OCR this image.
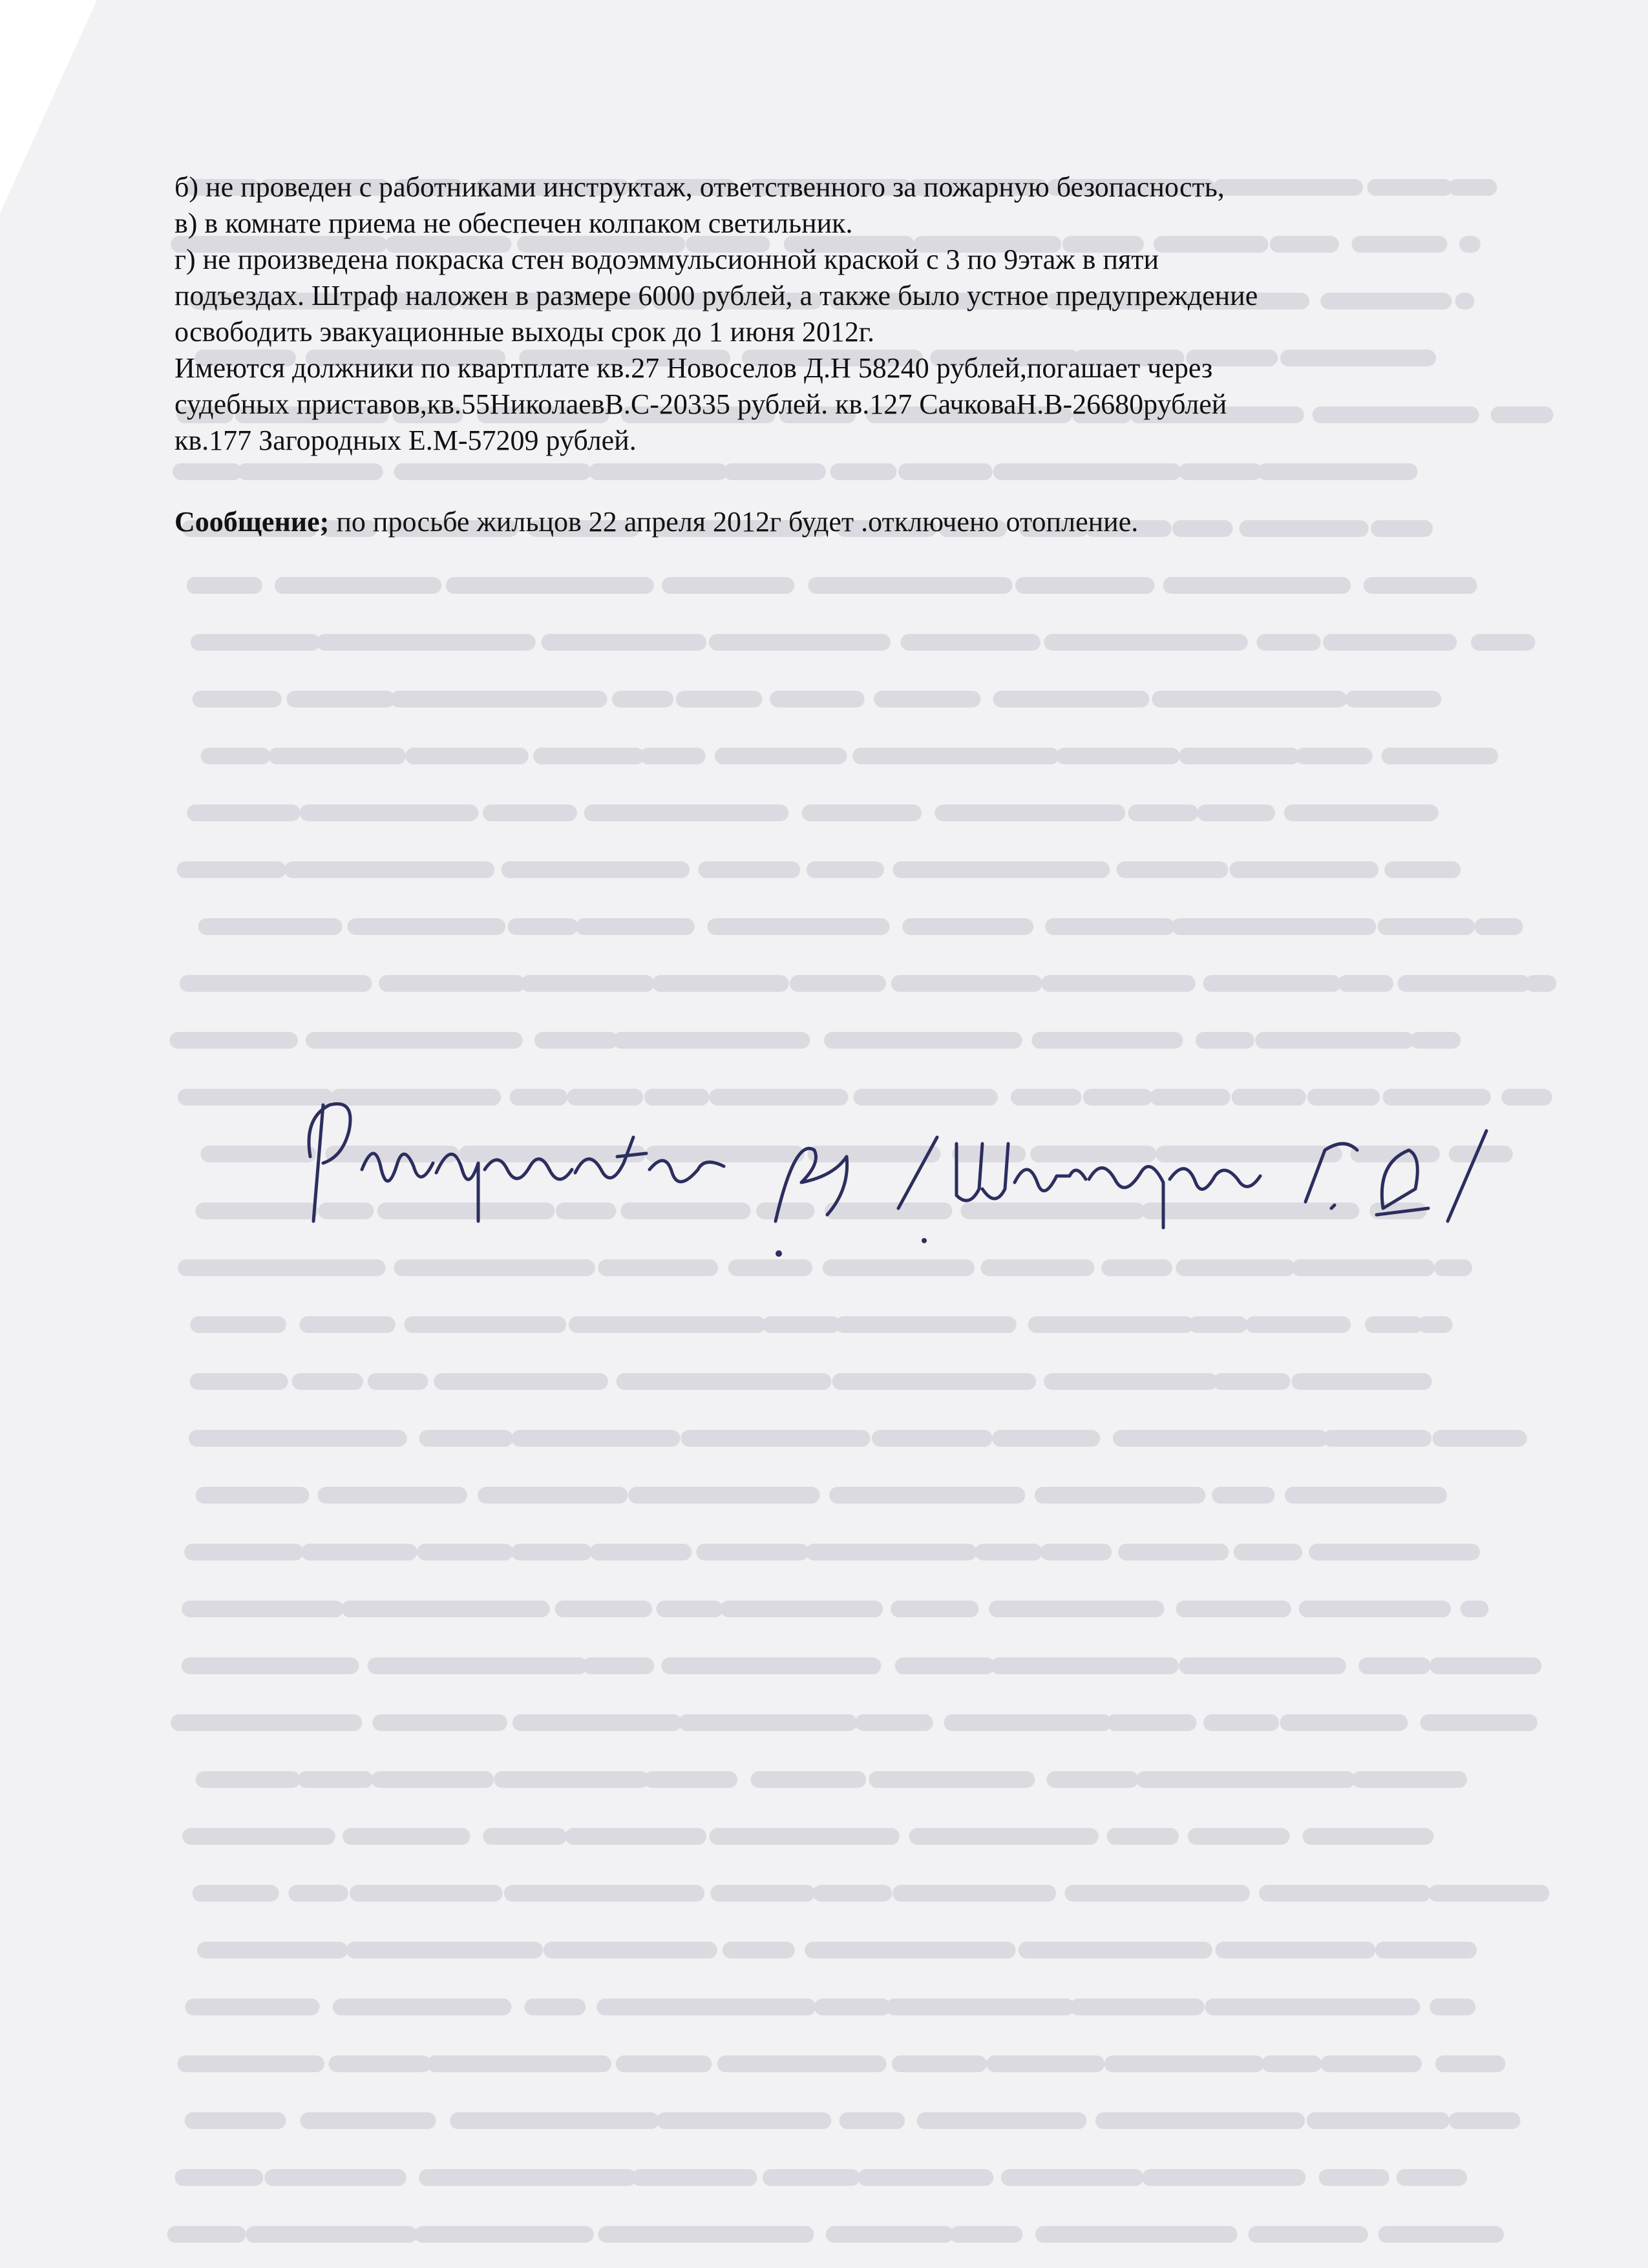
б) не проведен с работниками инструктаж, ответственного за пожарную безопасность,

в) в комнате приема не обеспечен колпаком светильник.

г) не произведена покраска стен водоэммульсионной краской с 3 по 9этаж в пяти

подъездах. Штраф наложен в размере 6000 рублей, а также было устное предупреждение

освободить эвакуационные выходы срок до 1 июня 2012г.

Имеются должники по квартплате кв.27 Новоселов Д.Н 58240 рублей,погашает через

судебных приставов,кв.55НиколаевВ.С-20335 рублей. кв.127 СачковаН.В-26680рублей

кв.177 Загородных Е.М-57209 рублей.

Сообщение; по просьбе жильцов 22 апреля 2012г будет .отключено отопление.
